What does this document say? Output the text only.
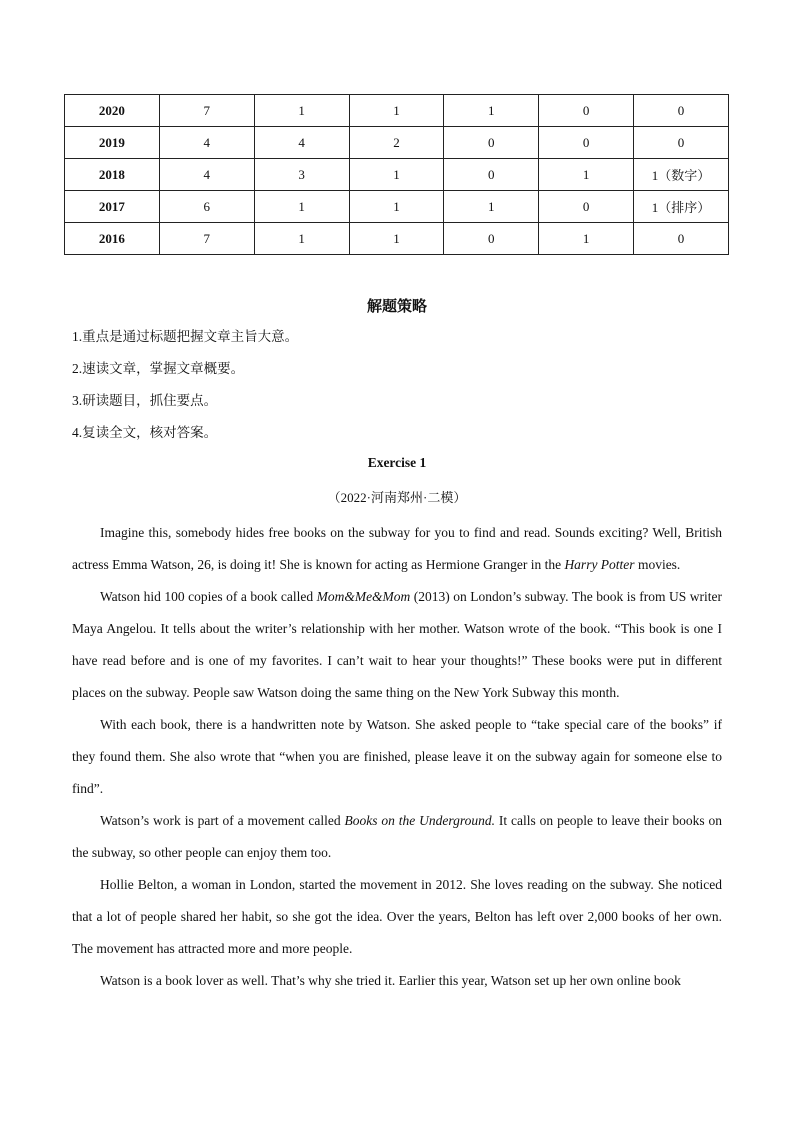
2020	7	1	1	1	0	0
2019	4	4	2	0	0	0
2018	4	3	1	0	1	1（数字）
2017	6	1	1	1	0	1（排序）
2016	7	1	1	0	1	0
解题策略
1.重点是通过标题把握文章主旨大意。
2.速读文章，掌握文章概要。
3.研读题目，抓住要点。
4.复读全文，核对答案。
Exercise 1
（2022·河南郑州·二模）

Imagine this, somebody hides free books on the subway for you to find and read. Sounds exciting? Well, British actress Emma Watson, 26, is doing it! She is known for acting as Hermione Granger in the Harry Potter movies.

Watson hid 100 copies of a book called Mom&Me&Mom (2013) on London’s subway. The book is from US writer Maya Angelou. It tells about the writer’s relationship with her mother. Watson wrote of the book. “This book is one I have read before and is one of my favorites. I can’t wait to hear your thoughts!” These books were put in different places on the subway. People saw Watson doing the same thing on the New York Subway this month.

With each book, there is a handwritten note by Watson. She asked people to “take special care of the books” if they found them. She also wrote that “when you are finished, please leave it on the subway again for someone else to find”.

Watson’s work is part of a movement called Books on the Underground. It calls on people to leave their books on the subway, so other people can enjoy them too.

Hollie Belton, a woman in London, started the movement in 2012. She loves reading on the subway. She noticed that a lot of people shared her habit, so she got the idea. Over the years, Belton has left over 2,000 books of her own. The movement has attracted more and more people.

Watson is a book lover as well. That’s why she tried it. Earlier this year, Watson set up her own online book
